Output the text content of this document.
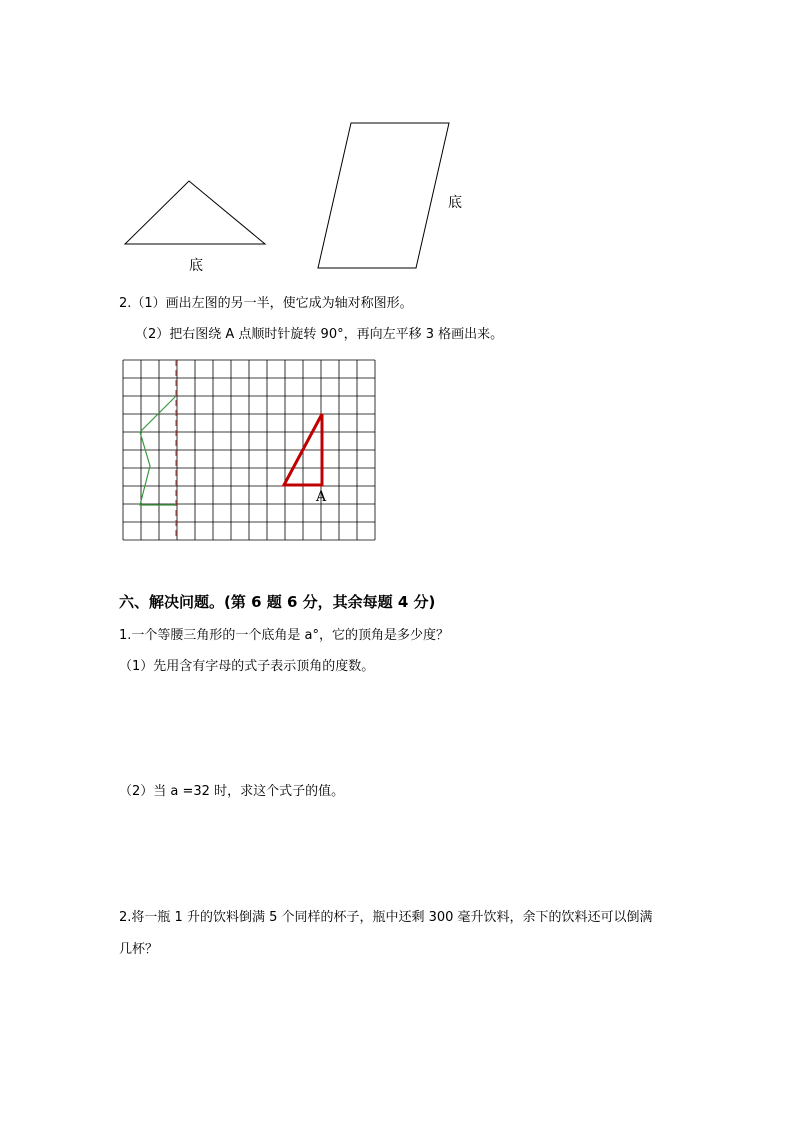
底
底
2.（1）画出左图的另一半，使它成为轴对称图形。
（2）把右图绕 A 点顺时针旋转 90°，再向左平移 3 格画出来。
A
六、解决问题。(第 6 题 6 分，其余每题 4 分)
1.一个等腰三角形的一个底角是 a°，它的顶角是多少度？
（1）先用含有字母的式子表示顶角的度数。
（2）当 a =32 时，求这个式子的值。
2.将一瓶 1 升的饮料倒满 5 个同样的杯子，瓶中还剩 300 毫升饮料，余下的饮料还可以倒满
几杯？
